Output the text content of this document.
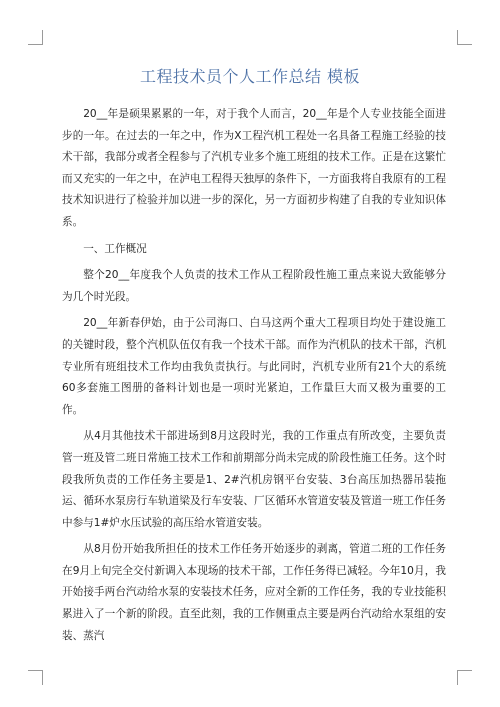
工程技术员个人工作总结 模板

20__年是硕果累累的一年，对于我个人而言，20__年是个人专业技能全面进步的一年。在过去的一年之中，作为X工程汽机工程处一名具备工程施工经验的技术干部，我部分或者全程参与了汽机专业多个施工班组的技术工作。正是在这繁忙而又充实的一年之中，在泸电工程得天独厚的条件下，一方面我将自我原有的工程技术知识进行了检验并加以进一步的深化，另一方面初步构建了自我的专业知识体系。

一、工作概况

整个20__年度我个人负责的技术工作从工程阶段性施工重点来说大致能够分为几个时光段。

20__年新春伊始，由于公司海口、白马这两个重大工程项目均处于建设施工的关键时段，整个汽机队伍仅有我一个技术干部。而作为汽机队的技术干部，汽机专业所有班组技术工作均由我负责执行。与此同时，汽机专业所有21个大的系统60多套施工图册的备料计划也是一项时光紧迫，工作量巨大而又极为重要的工作。

从4月其他技术干部进场到8月这段时光，我的工作重点有所改变，主要负责管一班及管二班日常施工技术工作和前期部分尚未完成的阶段性施工任务。这个时段我所负责的工作任务主要是1、2#汽机房钢平台安装、3台高压加热器吊装拖运、循环水泵房行车轨道梁及行车安装、厂区循环水管道安装及管道一班工作任务中参与1#炉水压试验的高压给水管道安装。

从8月份开始我所担任的技术工作任务开始逐步的剥离，管道二班的工作任务在9月上旬完全交付新调入本现场的技术干部，工作任务得已减轻。今年10月，我开始接手两台汽动给水泵的安装技术任务，应对全新的工作任务，我的专业技能积累进入了一个新的阶段。直至此刻，我的工作侧重点主要是两台汽动给水泵组的安装、蒸汽
